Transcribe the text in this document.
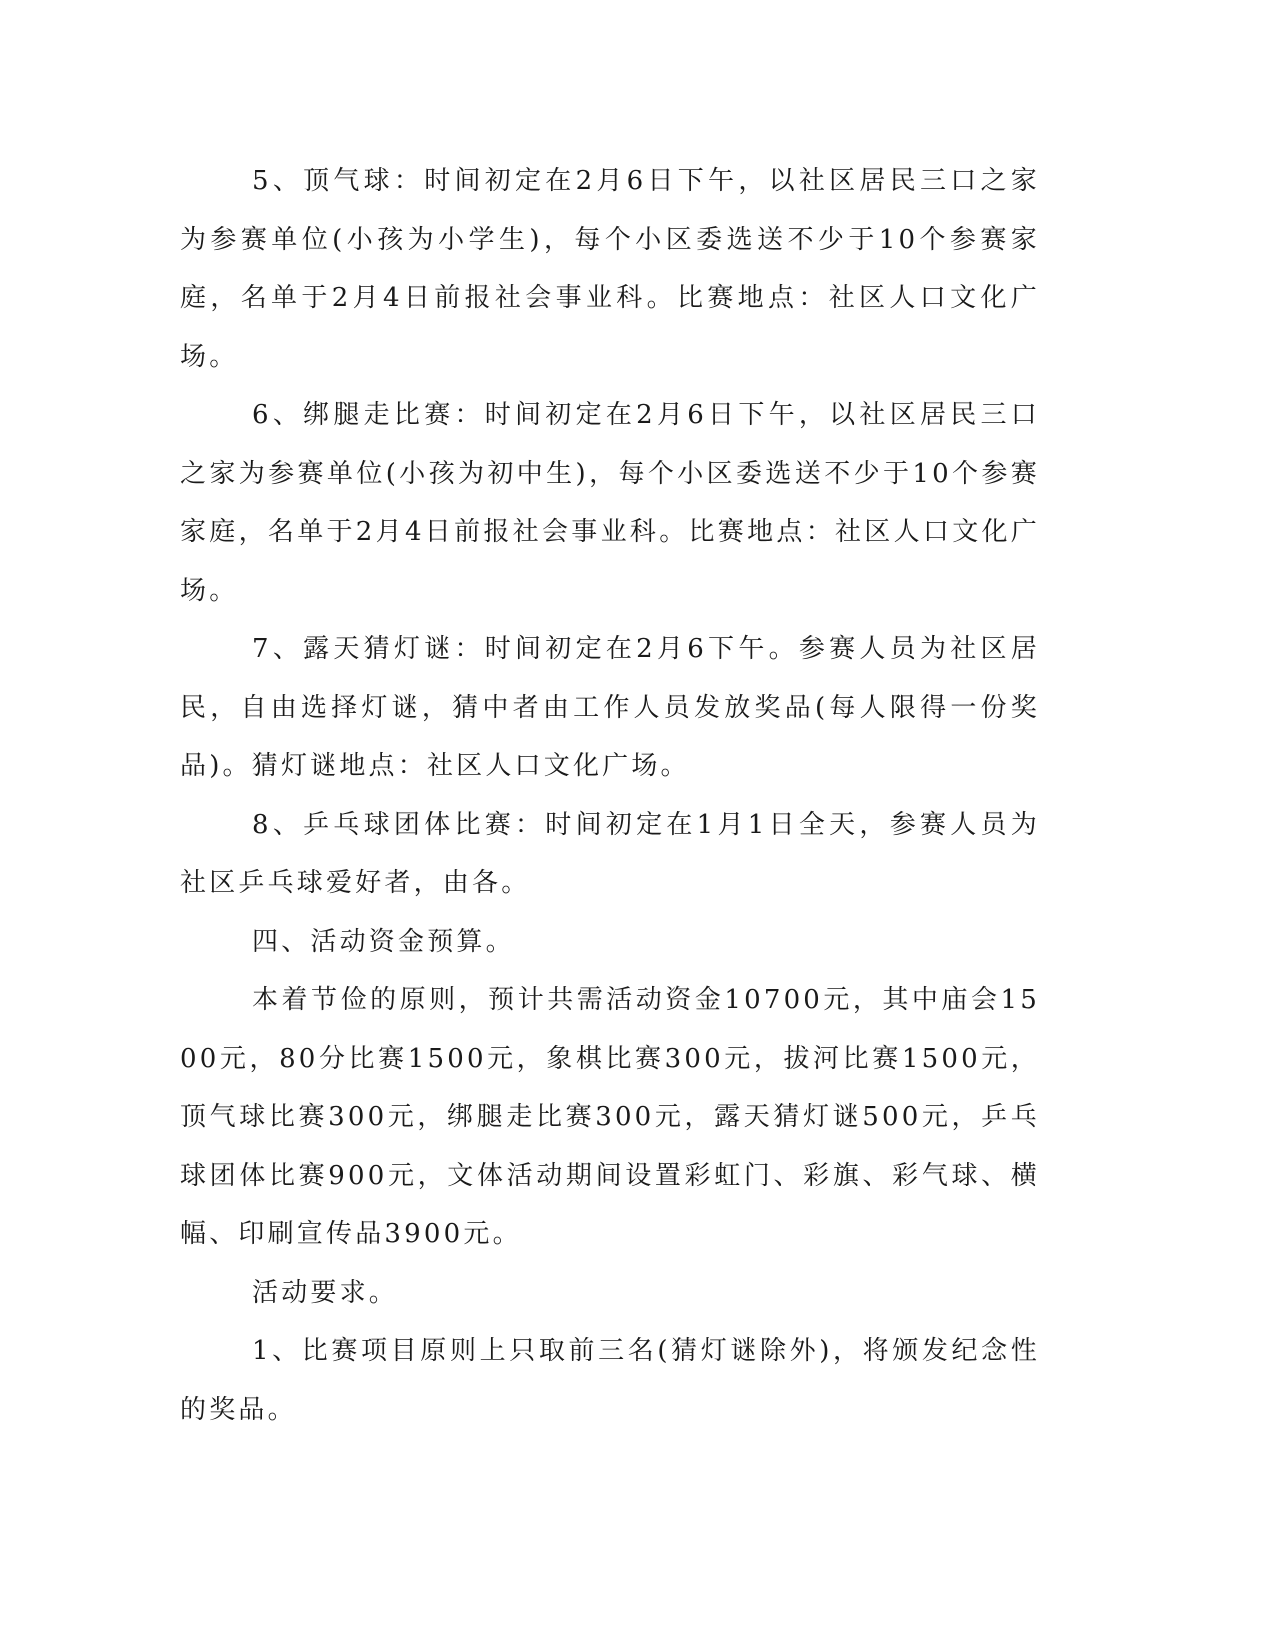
5、顶气球：时间初定在2月6日下午，以社区居民三口之家为参赛单位(小孩为小学生)，每个小区委选送不少于10个参赛家庭，名单于2月4日前报社会事业科。比赛地点：社区人口文化广场。

6、绑腿走比赛：时间初定在2月6日下午，以社区居民三口之家为参赛单位(小孩为初中生)，每个小区委选送不少于10个参赛家庭，名单于2月4日前报社会事业科。比赛地点：社区人口文化广场。

7、露天猜灯谜：时间初定在2月6下午。参赛人员为社区居民，自由选择灯谜，猜中者由工作人员发放奖品(每人限得一份奖品)。猜灯谜地点：社区人口文化广场。

8、乒乓球团体比赛：时间初定在1月1日全天，参赛人员为社区乒乓球爱好者，由各。

四、活动资金预算。

本着节俭的原则，预计共需活动资金10700元，其中庙会1500元，80分比赛1500元，象棋比赛300元，拔河比赛1500元，顶气球比赛300元，绑腿走比赛300元，露天猜灯谜500元，乒乓球团体比赛900元，文体活动期间设置彩虹门、彩旗、彩气球、横幅、印刷宣传品3900元。

活动要求。

1、比赛项目原则上只取前三名(猜灯谜除外)，将颁发纪念性的奖品。
